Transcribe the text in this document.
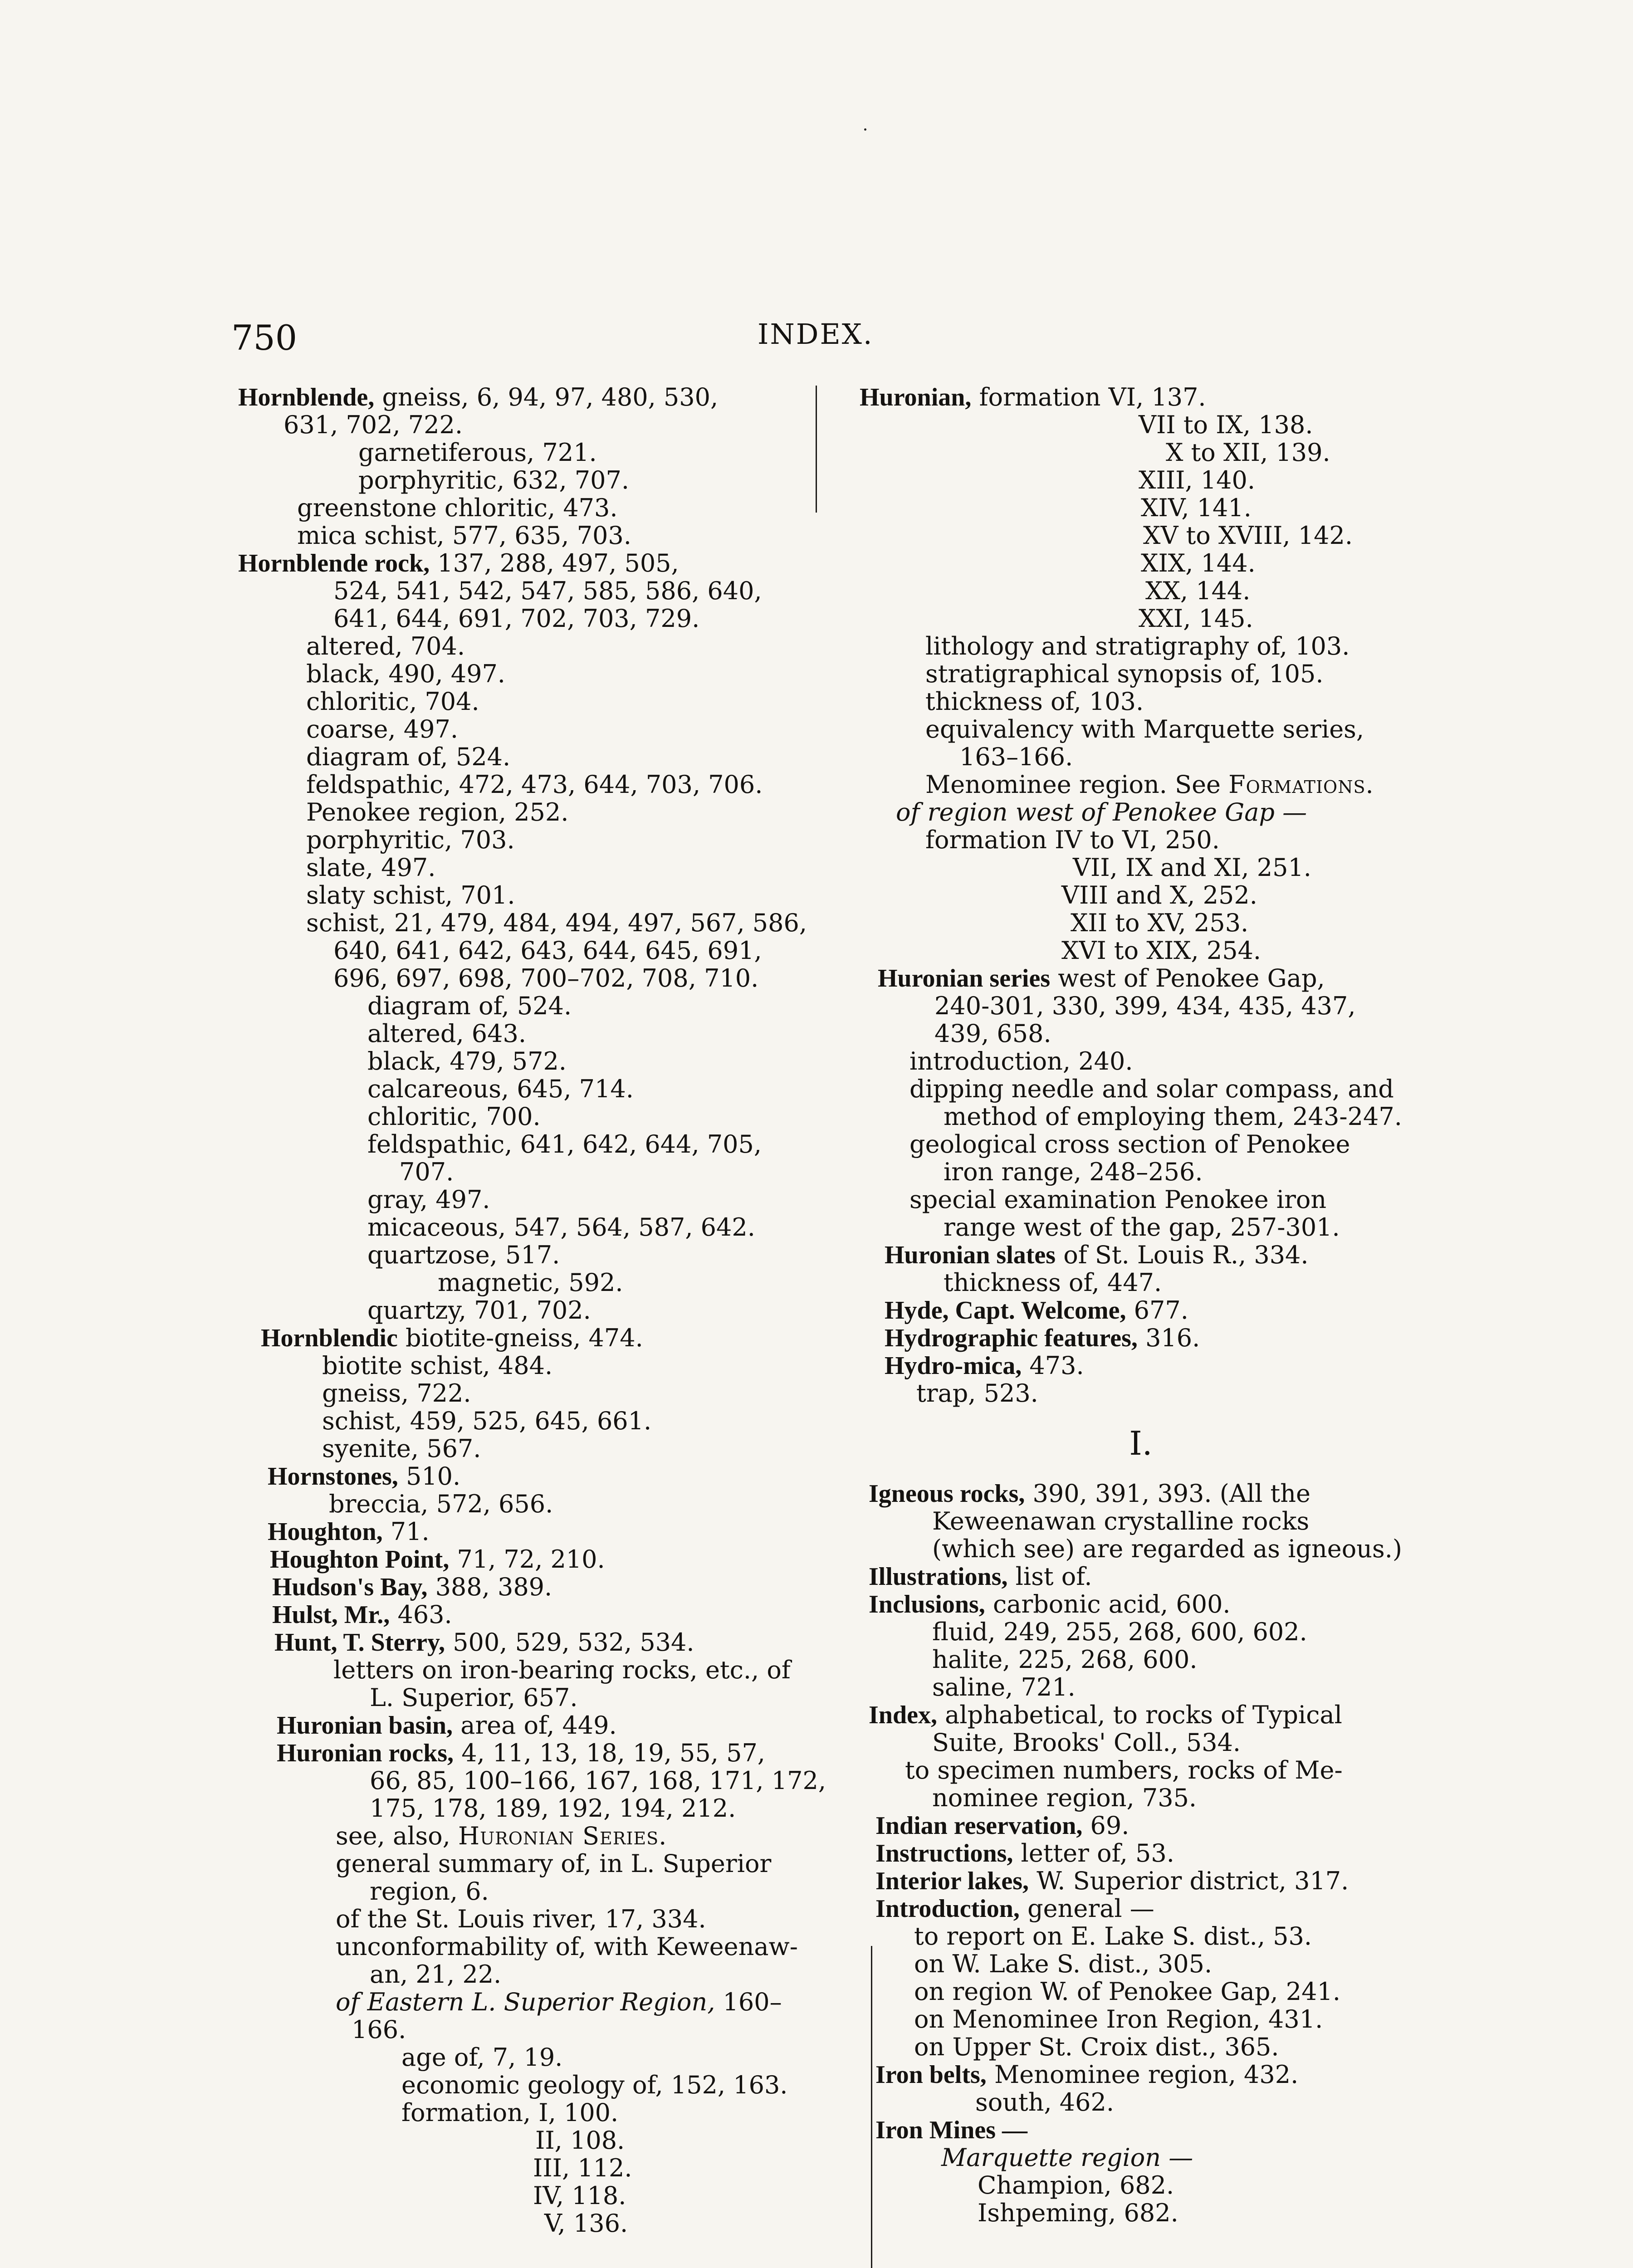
750	INDEX.
Hornblende, gneiss, 6, 94, 97, 480, 530,
631, 702, 722.
garnetiferous, 721.
porphyritic, 632, 707.
greenstone chloritic, 473.
mica schist, 577, 635, 703.
Hornblende rock, 137, 288, 497, 505,
524, 541, 542, 547, 585, 586, 640,
641, 644, 691, 702, 703, 729.
altered, 704.
black, 490, 497.
chloritic, 704.
coarse, 497.
diagram of, 524.
feldspathic, 472, 473, 644, 703, 706.
Penokee region, 252.
porphyritic, 703.
slate, 497.
slaty schist, 701.
schist, 21, 479, 484, 494, 497, 567, 586,
640, 641, 642, 643, 644, 645, 691,
696, 697, 698, 700–702, 708, 710.
diagram of, 524.
altered, 643.
black, 479, 572.
calcareous, 645, 714.
chloritic, 700.
feldspathic, 641, 642, 644, 705,
707.
gray, 497.
micaceous, 547, 564, 587, 642.
quartzose, 517.
magnetic, 592.
quartzy, 701, 702.
Hornblendic biotite-gneiss, 474.
biotite schist, 484.
gneiss, 722.
schist, 459, 525, 645, 661.
syenite, 567.
Hornstones, 510.
breccia, 572, 656.
Houghton, 71.
Houghton Point, 71, 72, 210.
Hudson's Bay, 388, 389.
Hulst, Mr., 463.
Hunt, T. Sterry, 500, 529, 532, 534.
letters on iron-bearing rocks, etc., of
L. Superior, 657.
Huronian basin, area of, 449.
Huronian rocks, 4, 11, 13, 18, 19, 55, 57,
66, 85, 100–166, 167, 168, 171, 172,
175, 178, 189, 192, 194, 212.
see, also, Huronian Series.
general summary of, in L. Superior
region, 6.
of the St. Louis river, 17, 334.
unconformability of, with Keweenaw-
an, 21, 22.
of Eastern L. Superior Region, 160–
166.
age of, 7, 19.
economic geology of, 152, 163.
formation, I, 100.
II, 108.
III, 112.
IV, 118.
V, 136.
Huronian, formation VI, 137.
VII to IX, 138.
X to XII, 139.
XIII, 140.
XIV, 141.
XV to XVIII, 142.
XIX, 144.
XX, 144.
XXI, 145.
lithology and stratigraphy of, 103.
stratigraphical synopsis of, 105.
thickness of, 103.
equivalency with Marquette series,
163–166.
Menominee region. See Formations.
of region west of Penokee Gap —
formation IV to VI, 250.
VII, IX and XI, 251.
VIII and X, 252.
XII to XV, 253.
XVI to XIX, 254.
Huronian series west of Penokee Gap,
240-301, 330, 399, 434, 435, 437,
439, 658.
introduction, 240.
dipping needle and solar compass, and
method of employing them, 243-247.
geological cross section of Penokee
iron range, 248–256.
special examination Penokee iron
range west of the gap, 257-301.
Huronian slates of St. Louis R., 334.
thickness of, 447.
Hyde, Capt. Welcome, 677.
Hydrographic features, 316.
Hydro-mica, 473.
trap, 523.
I.
Igneous rocks, 390, 391, 393. (All the
Keweenawan crystalline rocks
(which see) are regarded as igneous.)
Illustrations, list of.
Inclusions, carbonic acid, 600.
fluid, 249, 255, 268, 600, 602.
halite, 225, 268, 600.
saline, 721.
Index, alphabetical, to rocks of Typical
Suite, Brooks' Coll., 534.
to specimen numbers, rocks of Me-
nominee region, 735.
Indian reservation, 69.
Instructions, letter of, 53.
Interior lakes, W. Superior district, 317.
Introduction, general —
to report on E. Lake S. dist., 53.
on W. Lake S. dist., 305.
on region W. of Penokee Gap, 241.
on Menominee Iron Region, 431.
on Upper St. Croix dist., 365.
Iron belts, Menominee region, 432.
south, 462.
Iron Mines —
Marquette region —
Champion, 682.
Ishpeming, 682.
